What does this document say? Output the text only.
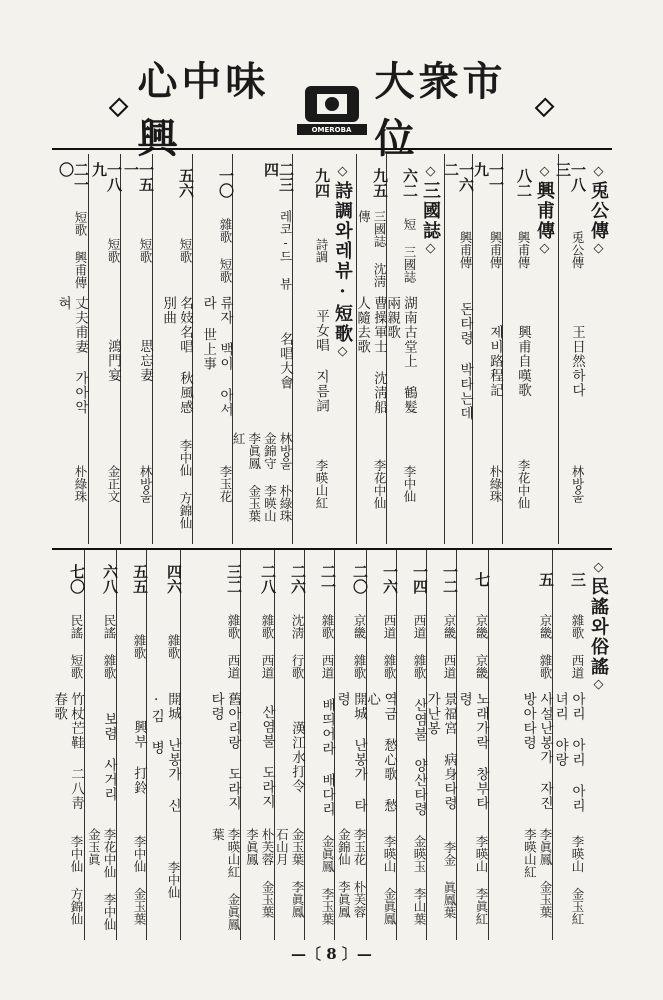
心中味興	OMEROBA
大衆市位
◇ 兎公傳 ◇
一八三
兎公傳
王日然하다
林방울
◇ 興甫傳 ◇
八二
興甫傳
興甫自嘆歌
李花中仙
一一九
興甫傳
제비路程記
朴綠珠
一六二
興甫傳
돈타령 박타는데
◇ 三國誌 ◇
六二
短 三國誌
湖南古堂上 鶴髮兩親歌
李中仙
九五
三國誌 沈淸傳
曹操軍士 沈淸船人隨去歌
李花中仙
◇ 詩調와레뷰·短歌 ◇
九四
詩調
平女唱 지름詞
李暎山紅
二三四
레코-드 뷰
名唱大會
林방울 朴綠珠 金錦守 李暎山 李眞鳳 金玉葉 紅
一〇
雜歌 短歌
류자 백이 아서라 世上事
李玉花
五六
短歌
名妓名唱 秋風感別曲
李中仙 方錦仙
一五一
短歌
思忘妻
林방울
一八九
短歌
鴻門宴
金正文
二一〇
短歌 興甫傳
丈夫甫妻 가아악 혀
朴綠珠
◇ 民謠와俗謠 ◇
三
雜歌 西道
아리 아리 아리 녀리 야랑
李暎山 金玉紅
五
京畿 雜歌
사설난봉가 자진방아타령
李眞鳳 金玉葉 李暎山紅
七
京畿 京畿
노래가락 창부타령
李暎山 李眞紅
一二
京畿 西道
景福宮 病身타령 가난봉
李金 眞鳳葉
一四
西道 雜歌
산염불 양산타령
金暎玉 李山葉
一六
西道 雜歌
역금 愁心歌 愁心
李暎山 金眞鳳
二〇
京畿 雜歌
開城 난봉가 타령
李玉花 朴芙蓉 金錦仙 李眞鳳
二一
雜歌 西道
배띄어라 배다리
金眞鳳 李玉葉
二六
沈淸 行歌
漢江水打令
金玉葉 李眞鳳 石山月
二八
雜歌 西道
산염불 도라지
朴芙蓉 金玉葉 李眞鳳
三二
雜歌 西道
舊아리랑 도라지타령
李暎山紅 金眞鳳葉
四六
雜歌
開城 난봉가 신·김 병
李中仙
五五
雜歌
興부 打鈴
李中仙 金玉葉
六八
民謠 雜歌
보렴 사거리
李花中仙 李中仙 金玉眞
七〇
民謠 短歌
竹杖芒鞋 二八靑春歌
李中仙 方錦仙
—〔 8 〕—
